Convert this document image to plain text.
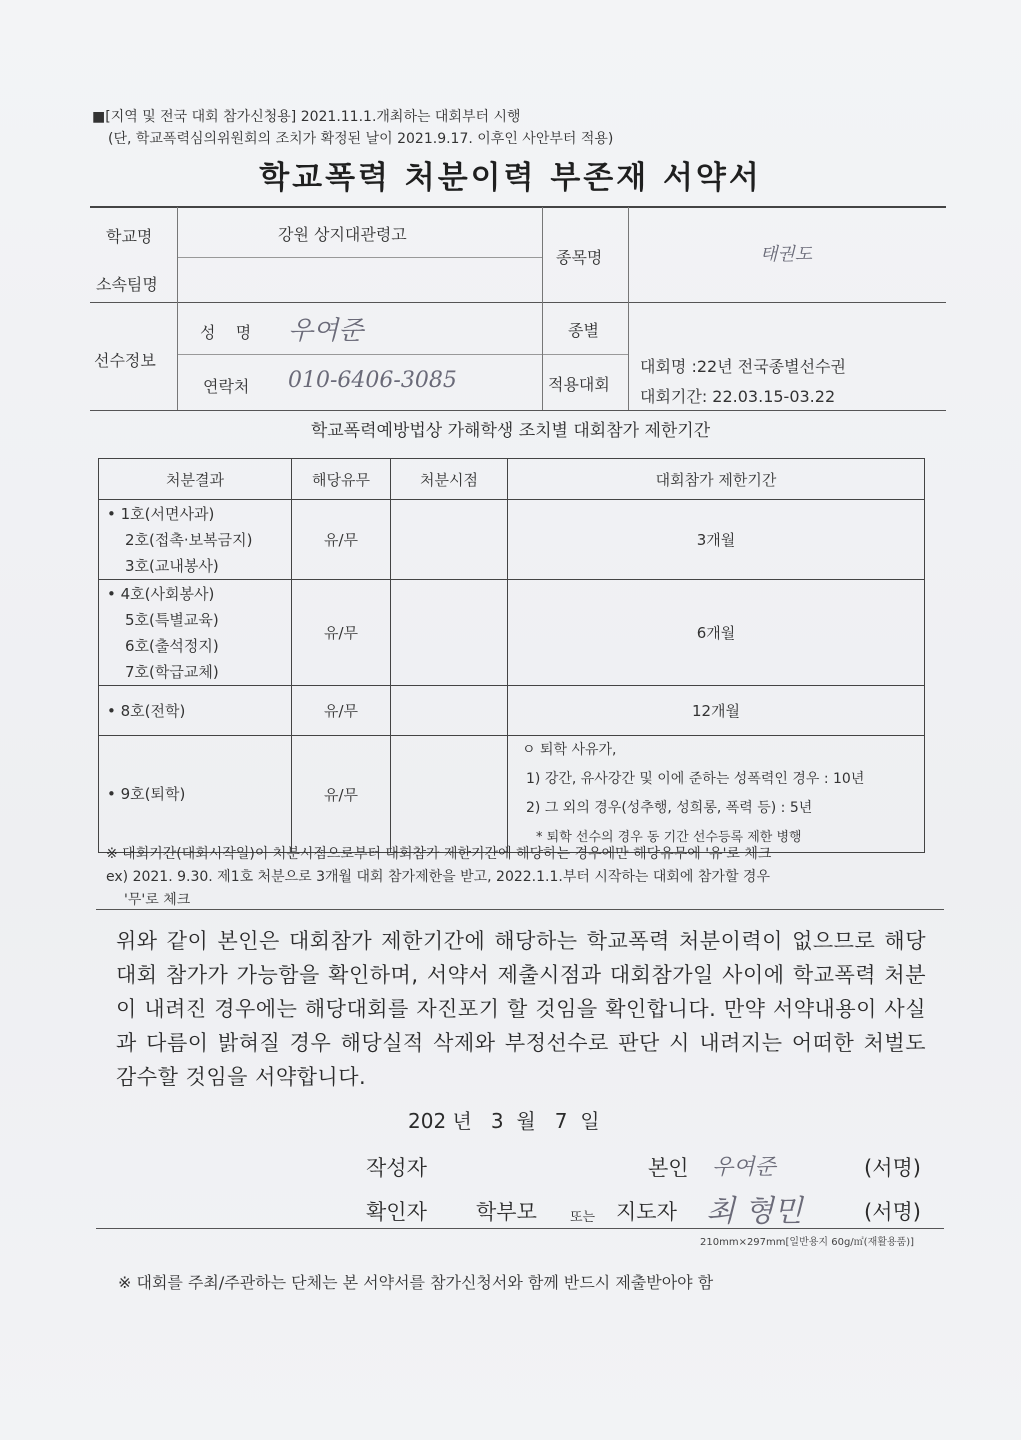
■[지역 및 전국 대회 참가신청용] 2021.11.1.개최하는 대회부터 시행
(단, 학교폭력심의위원회의 조치가 확정된 날이 2021.9.17. 이후인 사안부터 적용)
학교폭력 처분이력 부존재 서약서
학교명	강원 상지대관령고
소속팀명
종목명	태권도
선수정보
성    명 우여준
연락처 010-6406-3085
종별
적용대회
대회명 :22년 전국종별선수권
대회기간: 22.03.15-03.22
학교폭력예방법상 가해학생 조치별 대회참가 제한기간
처분결과	해당유무	처분시점	대회참가 제한기간

• 1호(서면사과)
2호(접촉·보복금지)
3호(교내봉사)	유/무		3개월

• 4호(사회봉사)
5호(특별교육)
6호(출석정지)
7호(학급교체)	유/무		6개월

• 8호(전학)	유/무		12개월

• 9호(퇴학)	유/무		ㅇ 퇴학 사유가,
1) 강간, 유사강간 및 이에 준하는 성폭력인 경우 : 10년
2) 그 외의 경우(성추행, 성희롱, 폭력 등) : 5년
* 퇴학 선수의 경우 동 기간 선수등록 제한 병행
※ 대회기간(대회시작일)이 처분시점으로부터 대회참가 제한기간에 해당하는 경우에만 해당유무에 '유'로 체크
ex) 2021. 9.30. 제1호 처분으로 3개월 대회 참가제한을 받고, 2022.1.1.부터 시작하는 대회에 참가할 경우
'무'로 체크
위와 같이 본인은 대회참가 제한기간에 해당하는 학교폭력 처분이력이 없으므로 해당 대회 참가가 가능함을 확인하며, 서약서 제출시점과 대회참가일 사이에 학교폭력 처분이 내려진 경우에는 해당대회를 자진포기 할 것임을 확인합니다. 만약 서약내용이 사실과 다름이 밝혀질 경우 해당실적 삭제와 부정선수로 판단 시 내려지는 어떠한 처벌도 감수할 것임을 서약합니다.
202 년   3  월   7  일
작성자	본인 우여준	(서명)
확인자 학부모	또는 지도자 최 형민	(서명)
210mm×297mm[일반용지 60g/㎡(재활용품)]
※ 대회를 주최/주관하는 단체는 본 서약서를 참가신청서와 함께 반드시 제출받아야 함
